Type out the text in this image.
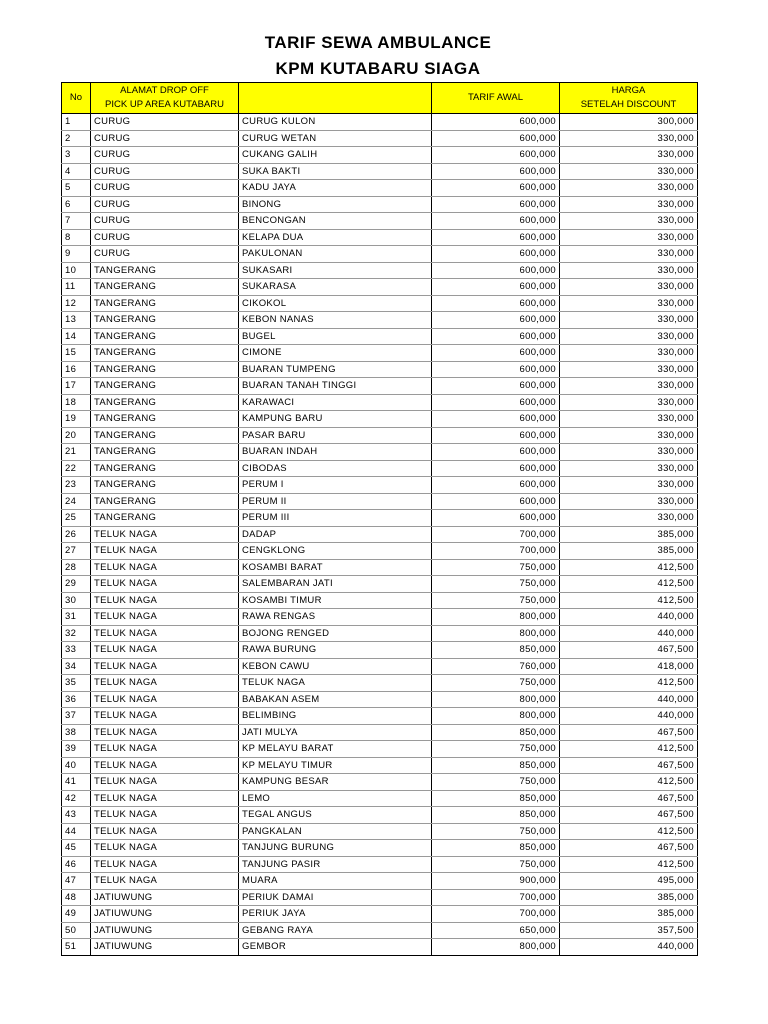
TARIF SEWA AMBULANCE
KPM KUTABARU SIAGA
No	ALAMAT DROP OFF
PICK UP AREA KUTABARU		TARIF AWAL	HARGA
SETELAH DISCOUNT
1	CURUG	CURUG KULON	600,000	300,000
2	CURUG	CURUG WETAN	600,000	330,000
3	CURUG	CUKANG GALIH	600,000	330,000
4	CURUG	SUKA BAKTI	600,000	330,000
5	CURUG	KADU JAYA	600,000	330,000
6	CURUG	BINONG	600,000	330,000
7	CURUG	BENCONGAN	600,000	330,000
8	CURUG	KELAPA DUA	600,000	330,000
9	CURUG	PAKULONAN	600,000	330,000
10	TANGERANG	SUKASARI	600,000	330,000
11	TANGERANG	SUKARASA	600,000	330,000
12	TANGERANG	CIKOKOL	600,000	330,000
13	TANGERANG	KEBON NANAS	600,000	330,000
14	TANGERANG	BUGEL	600,000	330,000
15	TANGERANG	CIMONE	600,000	330,000
16	TANGERANG	BUARAN TUMPENG	600,000	330,000
17	TANGERANG	BUARAN TANAH TINGGI	600,000	330,000
18	TANGERANG	KARAWACI	600,000	330,000
19	TANGERANG	KAMPUNG BARU	600,000	330,000
20	TANGERANG	PASAR BARU	600,000	330,000
21	TANGERANG	BUARAN INDAH	600,000	330,000
22	TANGERANG	CIBODAS	600,000	330,000
23	TANGERANG	PERUM I	600,000	330,000
24	TANGERANG	PERUM II	600,000	330,000
25	TANGERANG	PERUM III	600,000	330,000
26	TELUK NAGA	DADAP	700,000	385,000
27	TELUK NAGA	CENGKLONG	700,000	385,000
28	TELUK NAGA	KOSAMBI BARAT	750,000	412,500
29	TELUK NAGA	SALEMBARAN JATI	750,000	412,500
30	TELUK NAGA	KOSAMBI TIMUR	750,000	412,500
31	TELUK NAGA	RAWA RENGAS	800,000	440,000
32	TELUK NAGA	BOJONG RENGED	800,000	440,000
33	TELUK NAGA	RAWA BURUNG	850,000	467,500
34	TELUK NAGA	KEBON CAWU	760,000	418,000
35	TELUK NAGA	TELUK NAGA	750,000	412,500
36	TELUK NAGA	BABAKAN ASEM	800,000	440,000
37	TELUK NAGA	BELIMBING	800,000	440,000
38	TELUK NAGA	JATI MULYA	850,000	467,500
39	TELUK NAGA	KP MELAYU BARAT	750,000	412,500
40	TELUK NAGA	KP MELAYU TIMUR	850,000	467,500
41	TELUK NAGA	KAMPUNG BESAR	750,000	412,500
42	TELUK NAGA	LEMO	850,000	467,500
43	TELUK NAGA	TEGAL ANGUS	850,000	467,500
44	TELUK NAGA	PANGKALAN	750,000	412,500
45	TELUK NAGA	TANJUNG BURUNG	850,000	467,500
46	TELUK NAGA	TANJUNG PASIR	750,000	412,500
47	TELUK NAGA	MUARA	900,000	495,000
48	JATIUWUNG	PERIUK DAMAI	700,000	385,000
49	JATIUWUNG	PERIUK JAYA	700,000	385,000
50	JATIUWUNG	GEBANG RAYA	650,000	357,500
51	JATIUWUNG	GEMBOR	800,000	440,000
